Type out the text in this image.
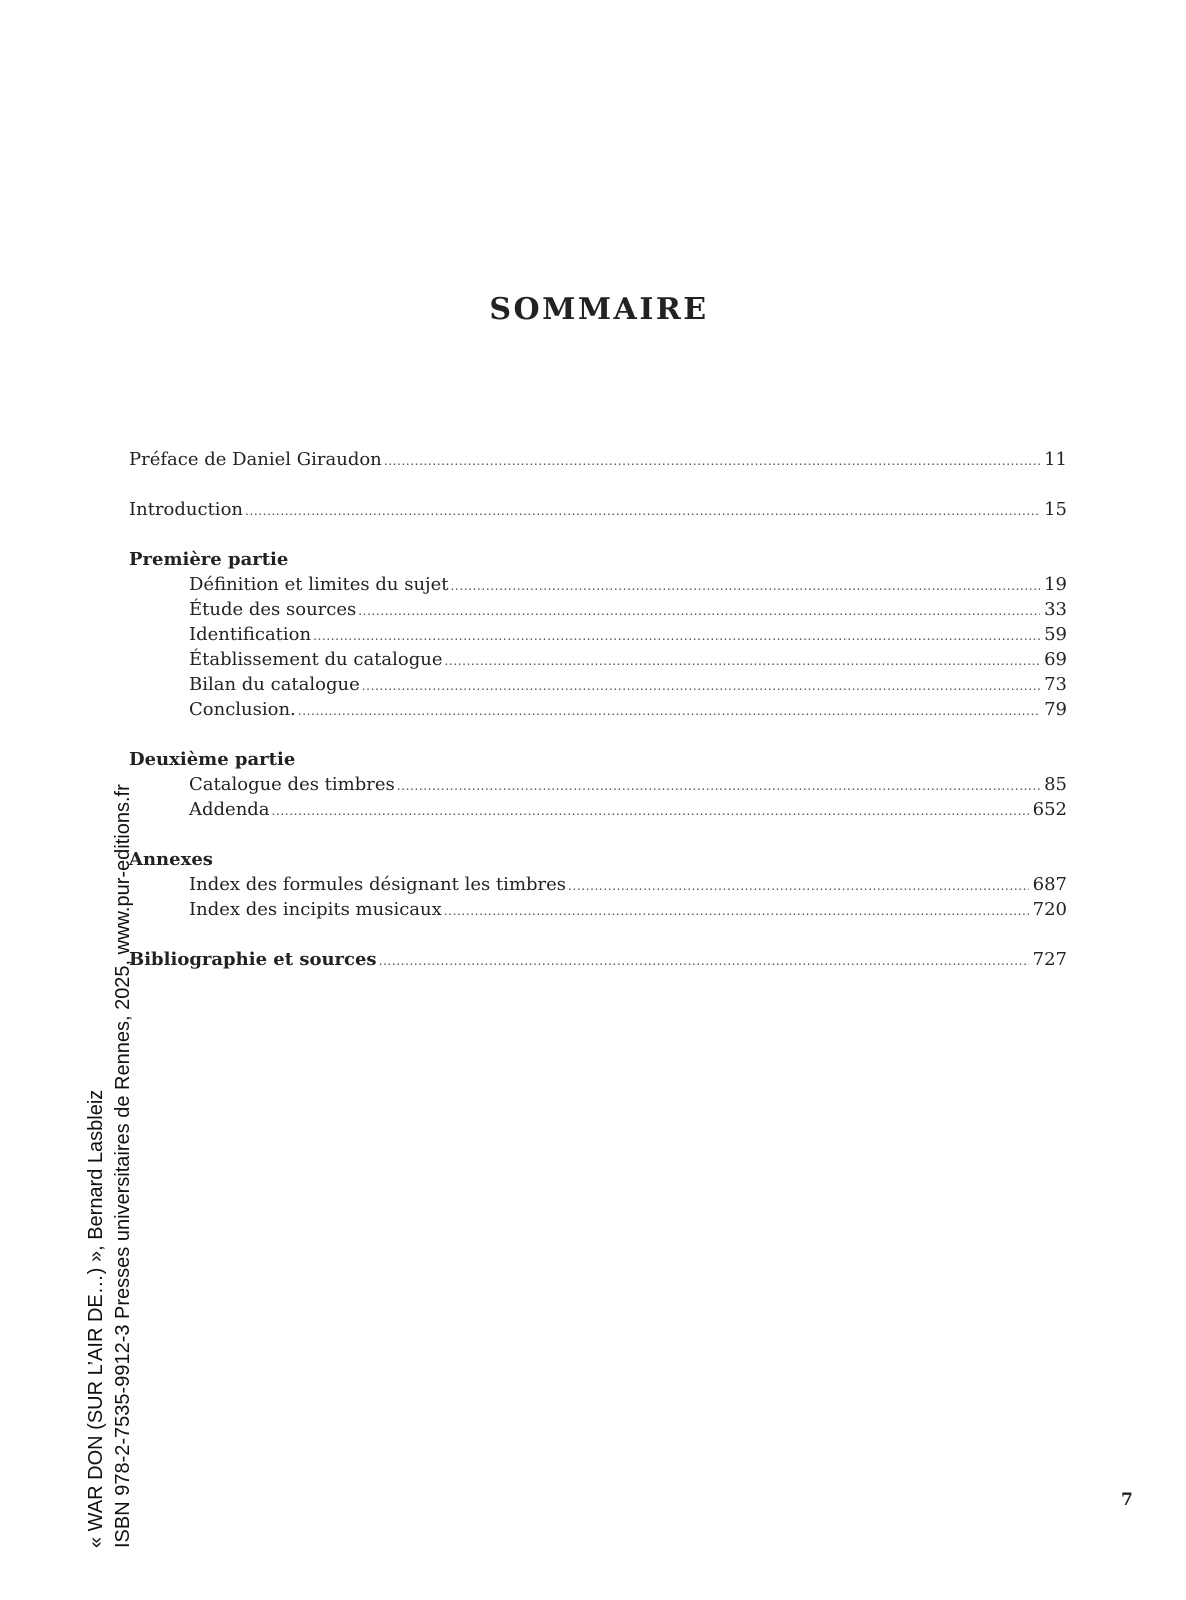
SOMMAIRE
Préface de Daniel Giraudon .....	11
Introduction .....	15
Première partie
Définition et limites du sujet .....	19
Étude des sources .....	33
Identification .....	59
Établissement du catalogue .....	69
Bilan du catalogue .....	73
Conclusion. .....	79
Deuxième partie
Catalogue des timbres .....	85
Addenda .....	652
Annexes
Index des formules désignant les timbres .....	687
Index des incipits musicaux .....	720
Bibliographie et sources .....	727
« WAR DON (SUR L’AIR DE…) », Bernard Lasbleiz ISBN 978-2-7535-9912-3 Presses universitaires de Rennes, 2025, www.pur-editions.fr	7
